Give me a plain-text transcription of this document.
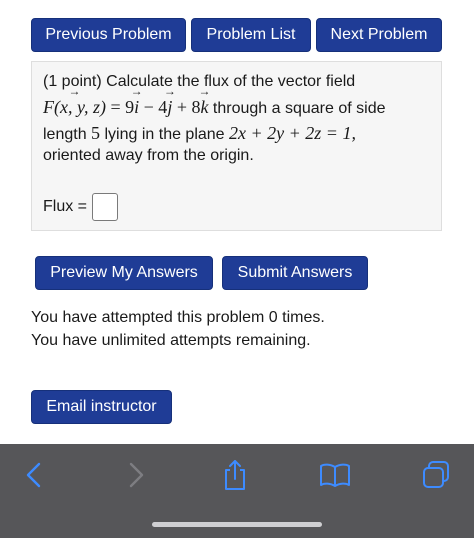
Previous Problem	Problem List	Next Problem
(1 point) Calculate the flux of the vector field
→ F(x, y, z) = 9→ i − 4→ j + 8→ k through a square of side
length 5 lying in the plane 2x + 2y + 2z = 1,
oriented away from the origin.
Flux =
Preview My Answers	Submit Answers
You have attempted this problem 0 times.
You have unlimited attempts remaining.
Email instructor
